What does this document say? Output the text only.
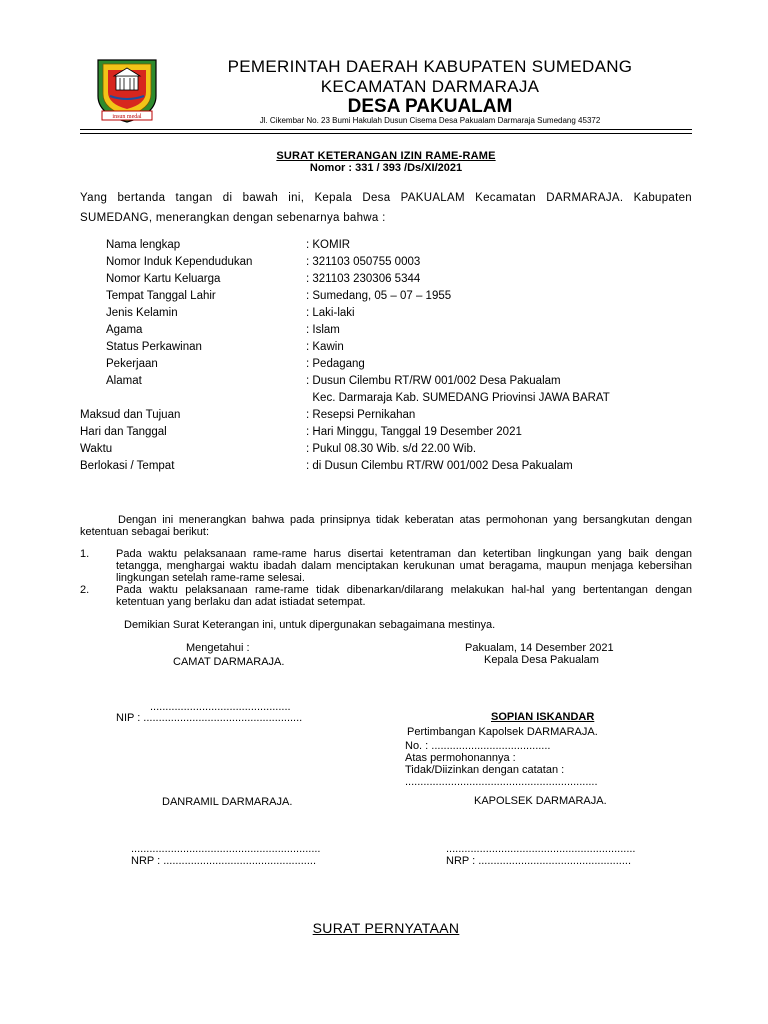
insun medal
PEMERINTAH DAERAH KABUPATEN SUMEDANG
KECAMATAN DARMARAJA
DESA PAKUALAM
Jl. Cikembar No. 23 Bumi Hakulah Dusun Cisema Desa Pakualam Darmaraja Sumedang 45372
SURAT KETERANGAN IZIN RAME-RAME
Nomor : 331 / 393 /Ds/XI/2021
Yang bertanda tangan di bawah ini, Kepala Desa PAKUALAM Kecamatan DARMARAJA. Kabupaten SUMEDANG, menerangkan dengan sebenarnya bahwa :
Nama lengkap	: KOMIR
Nomor Induk Kependudukan	: 321103 050755 0003
Nomor Kartu Keluarga	: 321103 230306 5344
Tempat Tanggal Lahir	: Sumedang, 05 – 07 – 1955
Jenis Kelamin	: Laki-laki
Agama	: Islam
Status Perkawinan	: Kawin
Pekerjaan	: Pedagang
Alamat	: Dusun Cilembu RT/RW 001/002 Desa Pakualam
Kec. Darmaraja Kab. SUMEDANG Priovinsi JAWA BARAT
Maksud dan Tujuan	: Resepsi Pernikahan
Hari dan Tanggal	: Hari Minggu, Tanggal 19 Desember 2021
Waktu	: Pukul 08.30 Wib. s/d 22.00 Wib.
Berlokasi / Tempat	: di Dusun Cilembu RT/RW 001/002 Desa Pakualam
Dengan ini menerangkan bahwa pada prinsipnya tidak keberatan atas permohonan yang bersangkutan dengan ketentuan sebagai berikut:
1. Pada waktu pelaksanaan rame-rame harus disertai ketentraman dan ketertiban lingkungan yang baik dengan tetangga, menghargai waktu ibadah dalam menciptakan kerukunan umat beragama, maupun menjaga kebersihan lingkungan setelah rame-rame selesai.
2. Pada waktu pelaksanaan rame-rame tidak dibenarkan/dilarang melakukan hal-hal yang bertentangan dengan ketentuan yang berlaku dan adat istiadat setempat.
Demikian Surat Keterangan ini, untuk dipergunakan sebagaimana mestinya.
Mengetahui :
CAMAT DARMARAJA.
Pakualam, 14 Desember 2021
Kepala Desa Pakualam
..............................................
NIP : ....................................................	SOPIAN ISKANDAR
Pertimbangan Kapolsek DARMARAJA.
No. : .......................................
Atas permohonannya :
Tidak/Diizinkan dengan catatan :
...............................................................
DANRAMIL DARMARAJA.	KAPOLSEK DARMARAJA.
..............................................................
NRP : ..................................................
..............................................................
NRP : ..................................................
SURAT PERNYATAAN
